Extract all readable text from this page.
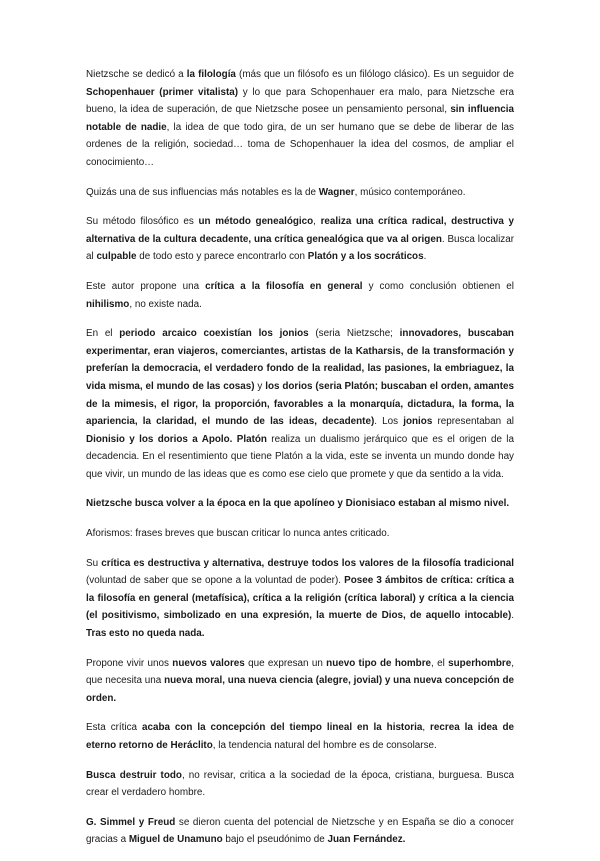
Nietzsche se dedicó a la filología (más que un filósofo es un filólogo clásico). Es un seguidor de Schopenhauer (primer vitalista) y lo que para Schopenhauer era malo, para Nietzsche era bueno, la idea de superación, de que Nietzsche posee un pensamiento personal, sin influencia notable de nadie, la idea de que todo gira, de un ser humano que se debe de liberar de las ordenes de la religión, sociedad… toma de Schopenhauer la idea del cosmos, de ampliar el conocimiento…

Quizás una de sus influencias más notables es la de Wagner, músico contemporáneo.

Su método filosófico es un método genealógico, realiza una crítica radical, destructiva y alternativa de la cultura decadente, una crítica genealógica que va al origen. Busca localizar al culpable de todo esto y parece encontrarlo con Platón y a los socráticos.

Este autor propone una crítica a la filosofía en general y como conclusión obtienen el nihilismo, no existe nada.

En el periodo arcaico coexistían los jonios (seria Nietzsche; innovadores, buscaban experimentar, eran viajeros, comerciantes, artistas de la Katharsis, de la transformación y preferían la democracia, el verdadero fondo de la realidad, las pasiones, la embriaguez, la vida misma, el mundo de las cosas) y los dorios (seria Platón; buscaban el orden, amantes de la mimesis, el rigor, la proporción, favorables a la monarquía, dictadura, la forma, la apariencia, la claridad, el mundo de las ideas, decadente). Los jonios representaban al Dionisio y los dorios a Apolo. Platón realiza un dualismo jerárquico que es el origen de la decadencia. En el resentimiento que tiene Platón a la vida, este se inventa un mundo donde hay que vivir, un mundo de las ideas que es como ese cielo que promete y que da sentido a la vida.

Nietzsche busca volver a la época en la que apolíneo y Dionisiaco estaban al mismo nivel.

Aforismos: frases breves que buscan criticar lo nunca antes criticado.

Su crítica es destructiva y alternativa, destruye todos los valores de la filosofía tradicional (voluntad de saber que se opone a la voluntad de poder). Posee 3 ámbitos de crítica: crítica a la filosofía en general (metafísica), crítica a la religión (crítica laboral) y crítica a la ciencia (el positivismo, simbolizado en una expresión, la muerte de Dios, de aquello intocable). Tras esto no queda nada.

Propone vivir unos nuevos valores que expresan un nuevo tipo de hombre, el superhombre, que necesita una nueva moral, una nueva ciencia (alegre, jovial) y una nueva concepción de orden.

Esta crítica acaba con la concepción del tiempo lineal en la historia, recrea la idea de eterno retorno de Heráclito, la tendencia natural del hombre es de consolarse.

Busca destruir todo, no revisar, critica a la sociedad de la época, cristiana, burguesa. Busca crear el verdadero hombre.

G. Simmel y Freud se dieron cuenta del potencial de Nietzsche y en España se dio a conocer gracias a Miguel de Unamuno bajo el pseudónimo de Juan Fernández.
